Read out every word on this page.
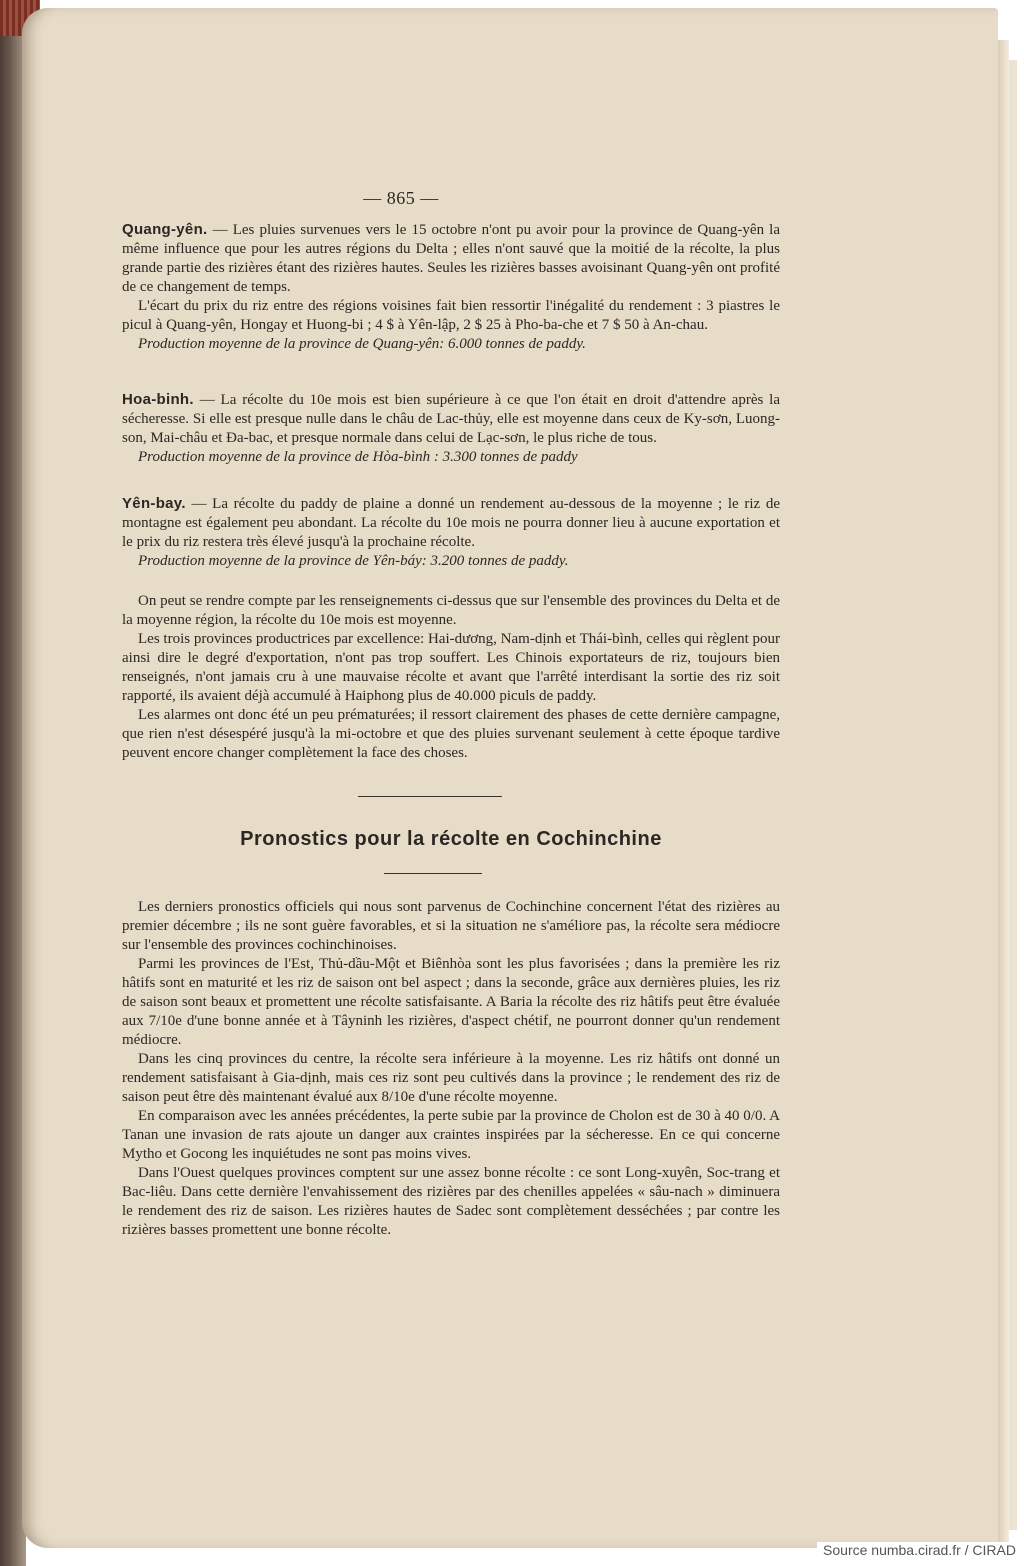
— 865 —

Quang-yên. — Les pluies survenues vers le 15 octobre n'ont pu avoir pour la province de Quang-yên la même influence que pour les autres régions du Delta ; elles n'ont sauvé que la moitié de la récolte, la plus grande partie des rizières étant des rizières hautes. Seules les rizières basses avoisinant Quang-yên ont profité de ce changement de temps.

L'écart du prix du riz entre des régions voisines fait bien ressortir l'inégalité du rendement : 3 piastres le picul à Quang-yên, Hongay et Huong-bi ; 4 $ à Yên-lập, 2 $ 25 à Pho-ba-che et 7 $ 50 à An-chau.

Production moyenne de la province de Quang-yên: 6.000 tonnes de paddy.

Hoa-binh. — La récolte du 10e mois est bien supérieure à ce que l'on était en droit d'attendre après la sécheresse. Si elle est presque nulle dans le châu de Lac-thủy, elle est moyenne dans ceux de Ky-sơn, Luong-son, Mai-châu et Đa-bac, et presque normale dans celui de Lạc-sơn, le plus riche de tous.

Production moyenne de la province de Hòa-bình : 3.300 tonnes de paddy

Yên-bay. — La récolte du paddy de plaine a donné un rendement au-dessous de la moyenne ; le riz de montagne est également peu abondant. La récolte du 10e mois ne pourra donner lieu à aucune exportation et le prix du riz restera très élevé jusqu'à la prochaine récolte.

Production moyenne de la province de Yên-báy: 3.200 tonnes de paddy.

On peut se rendre compte par les renseignements ci-dessus que sur l'ensemble des provinces du Delta et de la moyenne région, la récolte du 10e mois est moyenne.

Les trois provinces productrices par excellence: Hai-dương, Nam-dịnh et Thái-bình, celles qui règlent pour ainsi dire le degré d'exportation, n'ont pas trop souffert. Les Chinois exportateurs de riz, toujours bien renseignés, n'ont jamais cru à une mauvaise récolte et avant que l'arrêté interdisant la sortie des riz soit rapporté, ils avaient déjà accumulé à Haiphong plus de 40.000 piculs de paddy.

Les alarmes ont donc été un peu prématurées; il ressort clairement des phases de cette dernière campagne, que rien n'est désespéré jusqu'à la mi-octobre et que des pluies survenant seulement à cette époque tardive peuvent encore changer complètement la face des choses.

Pronostics pour la récolte en Cochinchine

Les derniers pronostics officiels qui nous sont parvenus de Cochinchine concernent l'état des rizières au premier décembre ; ils ne sont guère favorables, et si la situation ne s'améliore pas, la récolte sera médiocre sur l'ensemble des provinces cochinchinoises.

Parmi les provinces de l'Est, Thủ-dầu-Một et Biênhòa sont les plus favorisées ; dans la première les riz hâtifs sont en maturité et les riz de saison ont bel aspect ; dans la seconde, grâce aux dernières pluies, les riz de saison sont beaux et promettent une récolte satisfaisante. A Baria la récolte des riz hâtifs peut être évaluée aux 7/10e d'une bonne année et à Tâyninh les rizières, d'aspect chétif, ne pourront donner qu'un rendement médiocre.

Dans les cinq provinces du centre, la récolte sera inférieure à la moyenne. Les riz hâtifs ont donné un rendement satisfaisant à Gia-dịnh, mais ces riz sont peu cultivés dans la province ; le rendement des riz de saison peut être dès maintenant évalué aux 8/10e d'une récolte moyenne.

En comparaison avec les années précédentes, la perte subie par la province de Cholon est de 30 à 40 0/0. A Tanan une invasion de rats ajoute un danger aux craintes inspirées par la sécheresse. En ce qui concerne Mytho et Gocong les inquiétudes ne sont pas moins vives.

Dans l'Ouest quelques provinces comptent sur une assez bonne récolte : ce sont Long-xuyên, Soc-trang et Bac-liêu. Dans cette dernière l'envahissement des rizières par des chenilles appelées « sâu-nach » diminuera le rendement des riz de saison. Les rizières hautes de Sadec sont complètement desséchées ; par contre les rizières basses promettent une bonne récolte.

Source numba.cirad.fr / CIRAD
